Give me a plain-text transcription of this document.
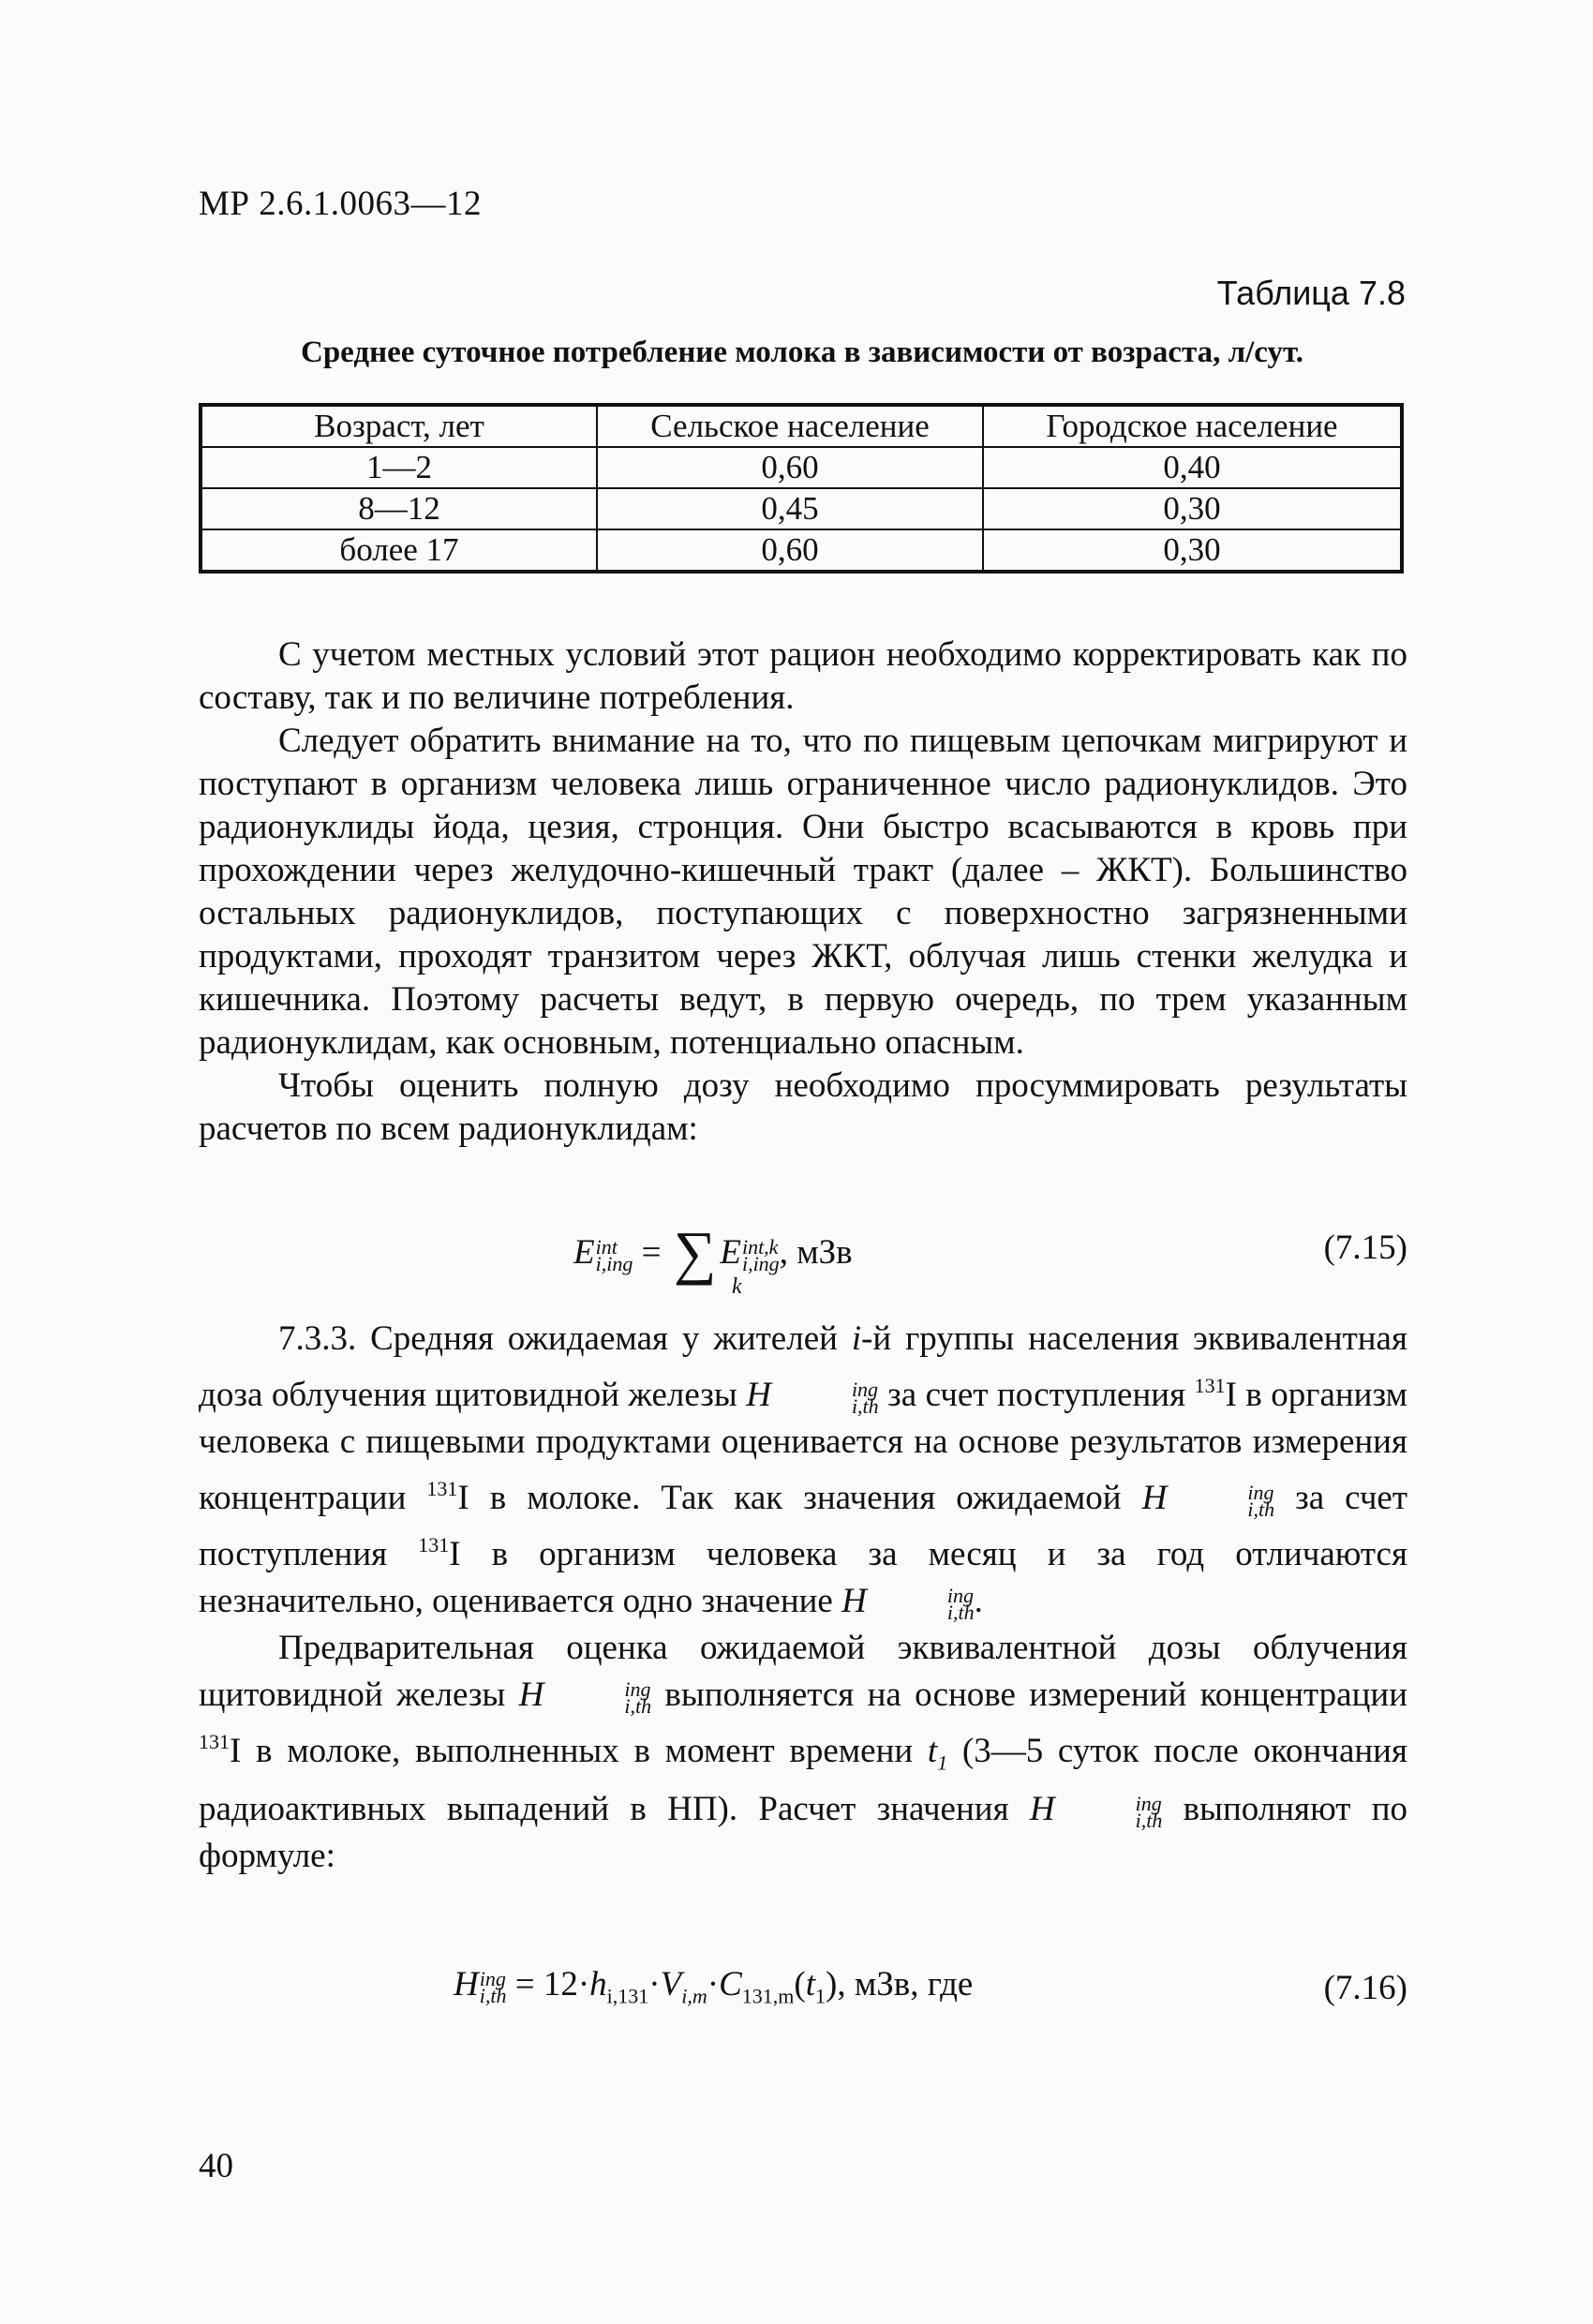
МР 2.6.1.0063—12
Таблица 7.8
Среднее суточное потребление молока в зависимости от возраста, л/сут.
Возраст, лет	Сельское население	Городское население
1—2	0,60	0,40
8—12	0,45	0,30
более 17	0,60	0,30

С учетом местных условий этот рацион необходимо корректировать как по составу, так и по величине потребления.

Следует обратить внимание на то, что по пищевым цепочкам мигрируют и поступают в организм человека лишь ограниченное число радионуклидов. Это радионуклиды йода, цезия, стронция. Они быстро всасываются в кровь при прохождении через желудочно-кишечный тракт (далее – ЖКТ). Большинство остальных радионуклидов, поступающих с поверхностно загрязненными продуктами, проходят транзитом через ЖКТ, облучая лишь стенки желудка и кишечника. Поэтому расчеты ведут, в первую очередь, по трем указанным радионуклидам, как основным, потенциально опасным.

Чтобы оценить полную дозу необходимо просуммировать результаты расчетов по всем радионуклидам:

E int
i,ing = ∑ E int,k
i,ing , мЗв
k
(7.15)

7.3.3. Средняя ожидаемая у жителей i-й группы населения эквивалентная доза облучения щитовидной железы H	ing
i,th за счет поступления $^{131}$I в организм человека с пищевыми продуктами оценивается на основе результатов измерения концентрации $^{131}$I в молоке. Так как значения ожидаемой H	ing
i,th за счет поступления $^{131}$I в организм человека за месяц и за год отличаются незначительно, оценивается одно значение H	ing
i,th .

Предварительная оценка ожидаемой эквивалентной дозы облучения щитовидной железы H	ing
i,th выполняется на основе измерений концентрации $^{131}$I в молоке, выполненных в момент времени $t_1$ (3—5 суток после окончания радиоактивных выпадений в НП). Расчет значения H	ing
i,th выполняют по формуле:

H ing
$i,th = 12\cdot h_{i,131}\cdot V_{i,m}\cdot C_{131,m}(t_1)$, мЗв, где	(7.16)
40
